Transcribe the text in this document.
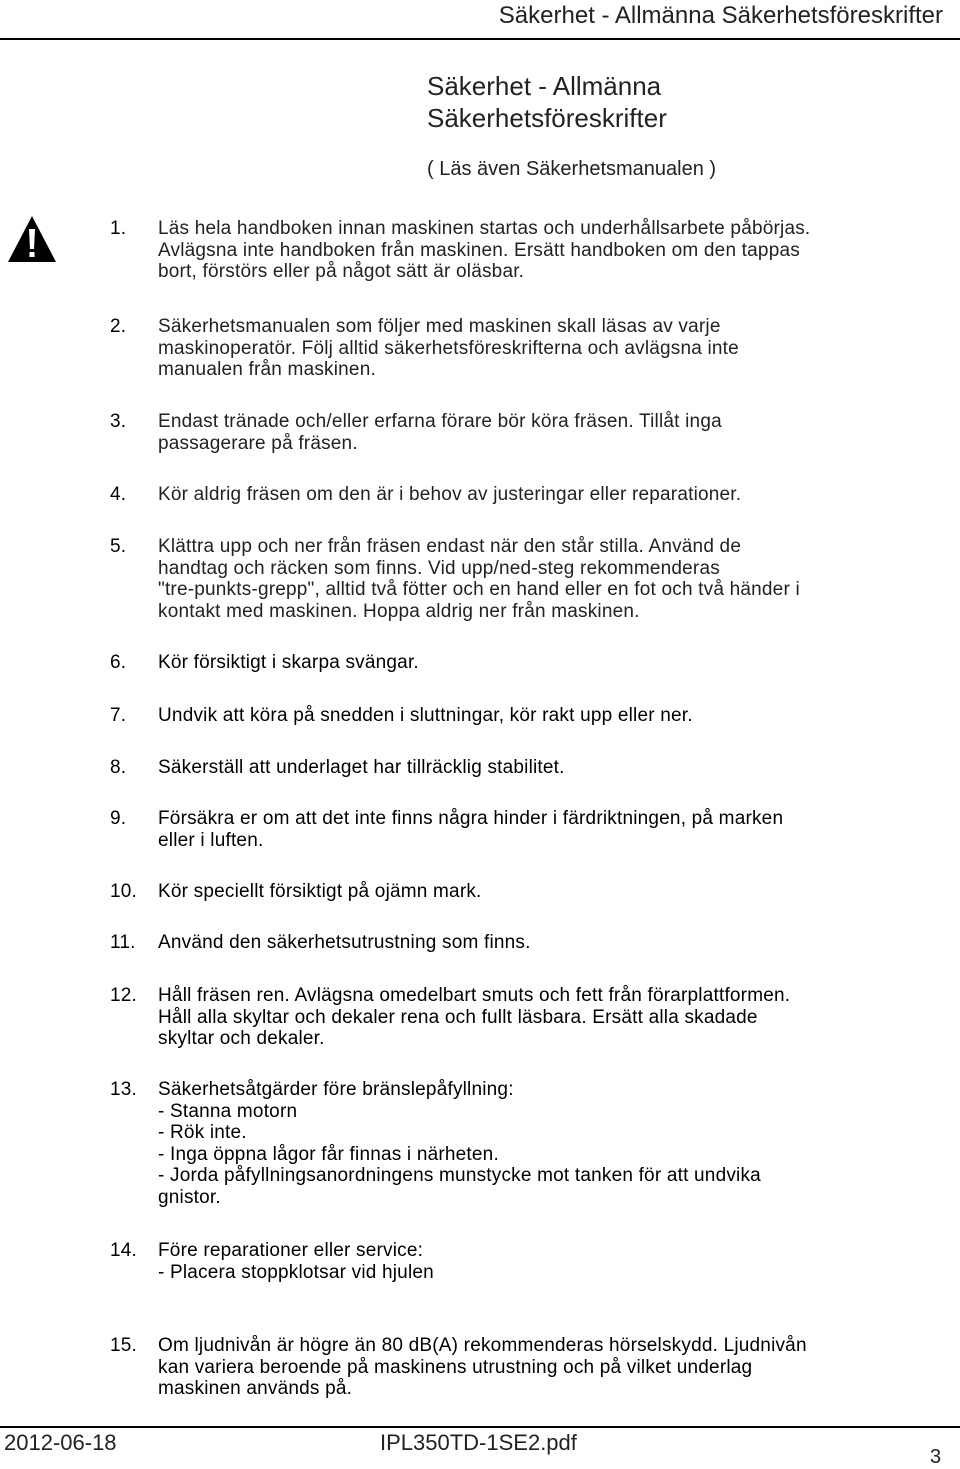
Säkerhet - Allmänna Säkerhetsföreskrifter
Säkerhet - Allmänna
Säkerhetsföreskrifter
( Läs även Säkerhetsmanualen )
1. Läs hela handboken innan maskinen startas och underhållsarbete påbörjas.
Avlägsna inte handboken från maskinen. Ersätt handboken om den tappas
bort, förstörs eller på något sätt är oläsbar.
2. Säkerhetsmanualen som följer med maskinen skall läsas av varje
maskinoperatör. Följ alltid säkerhetsföreskrifterna och avlägsna inte
manualen från maskinen.
3. Endast tränade och/eller erfarna förare bör köra fräsen. Tillåt inga
passagerare på fräsen.
4. Kör aldrig fräsen om den är i behov av justeringar eller reparationer.
5. Klättra upp och ner från fräsen endast när den står stilla. Använd de
handtag och räcken som finns. Vid upp/ned-steg rekommenderas
"tre-punkts-grepp", alltid två fötter och en hand eller en fot och två händer i
kontakt med maskinen. Hoppa aldrig ner från maskinen.
6. Kör försiktigt i skarpa svängar.
7. Undvik att köra på snedden i sluttningar, kör rakt upp eller ner.
8. Säkerställ att underlaget har tillräcklig stabilitet.
9. Försäkra er om att det inte finns några hinder i färdriktningen, på marken
eller i luften.
10. Kör speciellt försiktigt på ojämn mark.
11. Använd den säkerhetsutrustning som finns.
12. Håll fräsen ren. Avlägsna omedelbart smuts och fett från förarplattformen.
Håll alla skyltar och dekaler rena och fullt läsbara. Ersätt alla skadade
skyltar och dekaler.
13. Säkerhetsåtgärder före bränslepåfyllning:
- Stanna motorn
- Rök inte.
- Inga öppna lågor får finnas i närheten.
- Jorda påfyllningsanordningens munstycke mot tanken för att undvika
gnistor.
14. Före reparationer eller service:
- Placera stoppklotsar vid hjulen
15. Om ljudnivån är högre än 80 dB(A) rekommenderas hörselskydd. Ljudnivån
kan variera beroende på maskinens utrustning och på vilket underlag
maskinen används på.
2012-06-18	IPL350TD-1SE2.pdf
3
